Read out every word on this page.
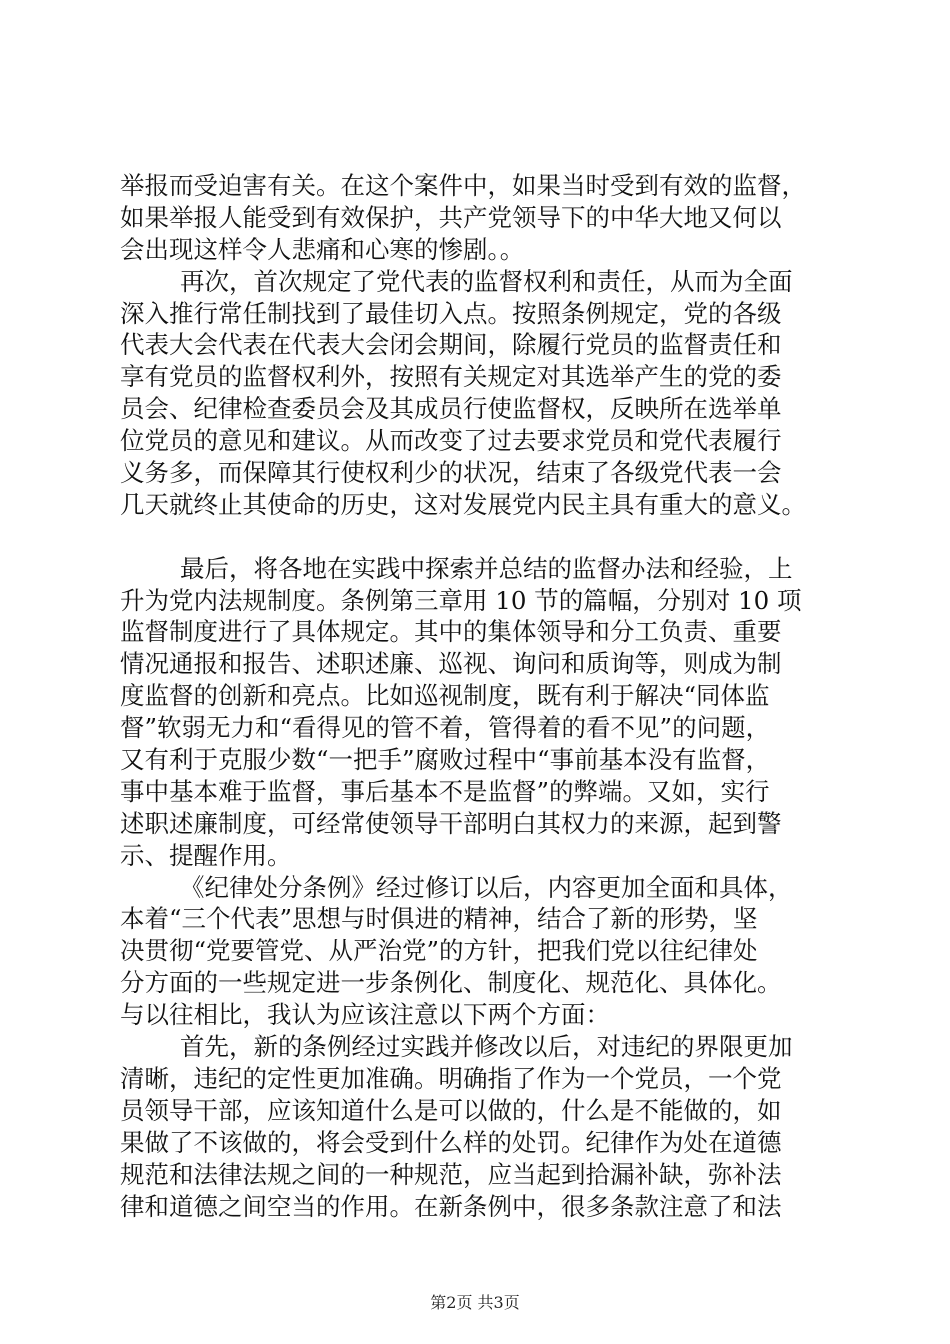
举报而受迫害有关。在这个案件中，如果当时受到有效的监督，
如果举报人能受到有效保护，共产党领导下的中华大地又何以
会出现这样令人悲痛和心寒的惨剧。。
再次，首次规定了党代表的监督权利和责任，从而为全面
深入推行常任制找到了最佳切入点。按照条例规定，党的各级
代表大会代表在代表大会闭会期间，除履行党员的监督责任和
享有党员的监督权利外，按照有关规定对其选举产生的党的委
员会、纪律检查委员会及其成员行使监督权，反映所在选举单
位党员的意见和建议。从而改变了过去要求党员和党代表履行
义务多，而保障其行使权利少的状况，结束了各级党代表一会
几天就终止其使命的历史，这对发展党内民主具有重大的意义。
最后，将各地在实践中探索并总结的监督办法和经验，上
升为党内法规制度。条例第三章用 10 节的篇幅，分别对 10 项
监督制度进行了具体规定。其中的集体领导和分工负责、重要
情况通报和报告、述职述廉、巡视、询问和质询等，则成为制
度监督的创新和亮点。比如巡视制度，既有利于解决“同体监
督”软弱无力和“看得见的管不着，管得着的看不见”的问题，
又有利于克服少数“一把手”腐败过程中“事前基本没有监督，
事中基本难于监督，事后基本不是监督”的弊端。又如，实行
述职述廉制度，可经常使领导干部明白其权力的来源，起到警
示、提醒作用。
《纪律处分条例》经过修订以后，内容更加全面和具体，
本着“三个代表”思想与时俱进的精神，结合了新的形势，坚
决贯彻“党要管党、从严治党”的方针，把我们党以往纪律处
分方面的一些规定进一步条例化、制度化、规范化、具体化。
与以往相比，我认为应该注意以下两个方面：
首先，新的条例经过实践并修改以后，对违纪的界限更加
清晰，违纪的定性更加准确。明确指了作为一个党员，一个党
员领导干部，应该知道什么是可以做的，什么是不能做的，如
果做了不该做的，将会受到什么样的处罚。纪律作为处在道德
规范和法律法规之间的一种规范，应当起到拾漏补缺，弥补法
律和道德之间空当的作用。在新条例中，很多条款注意了和法
第2页 共3页
